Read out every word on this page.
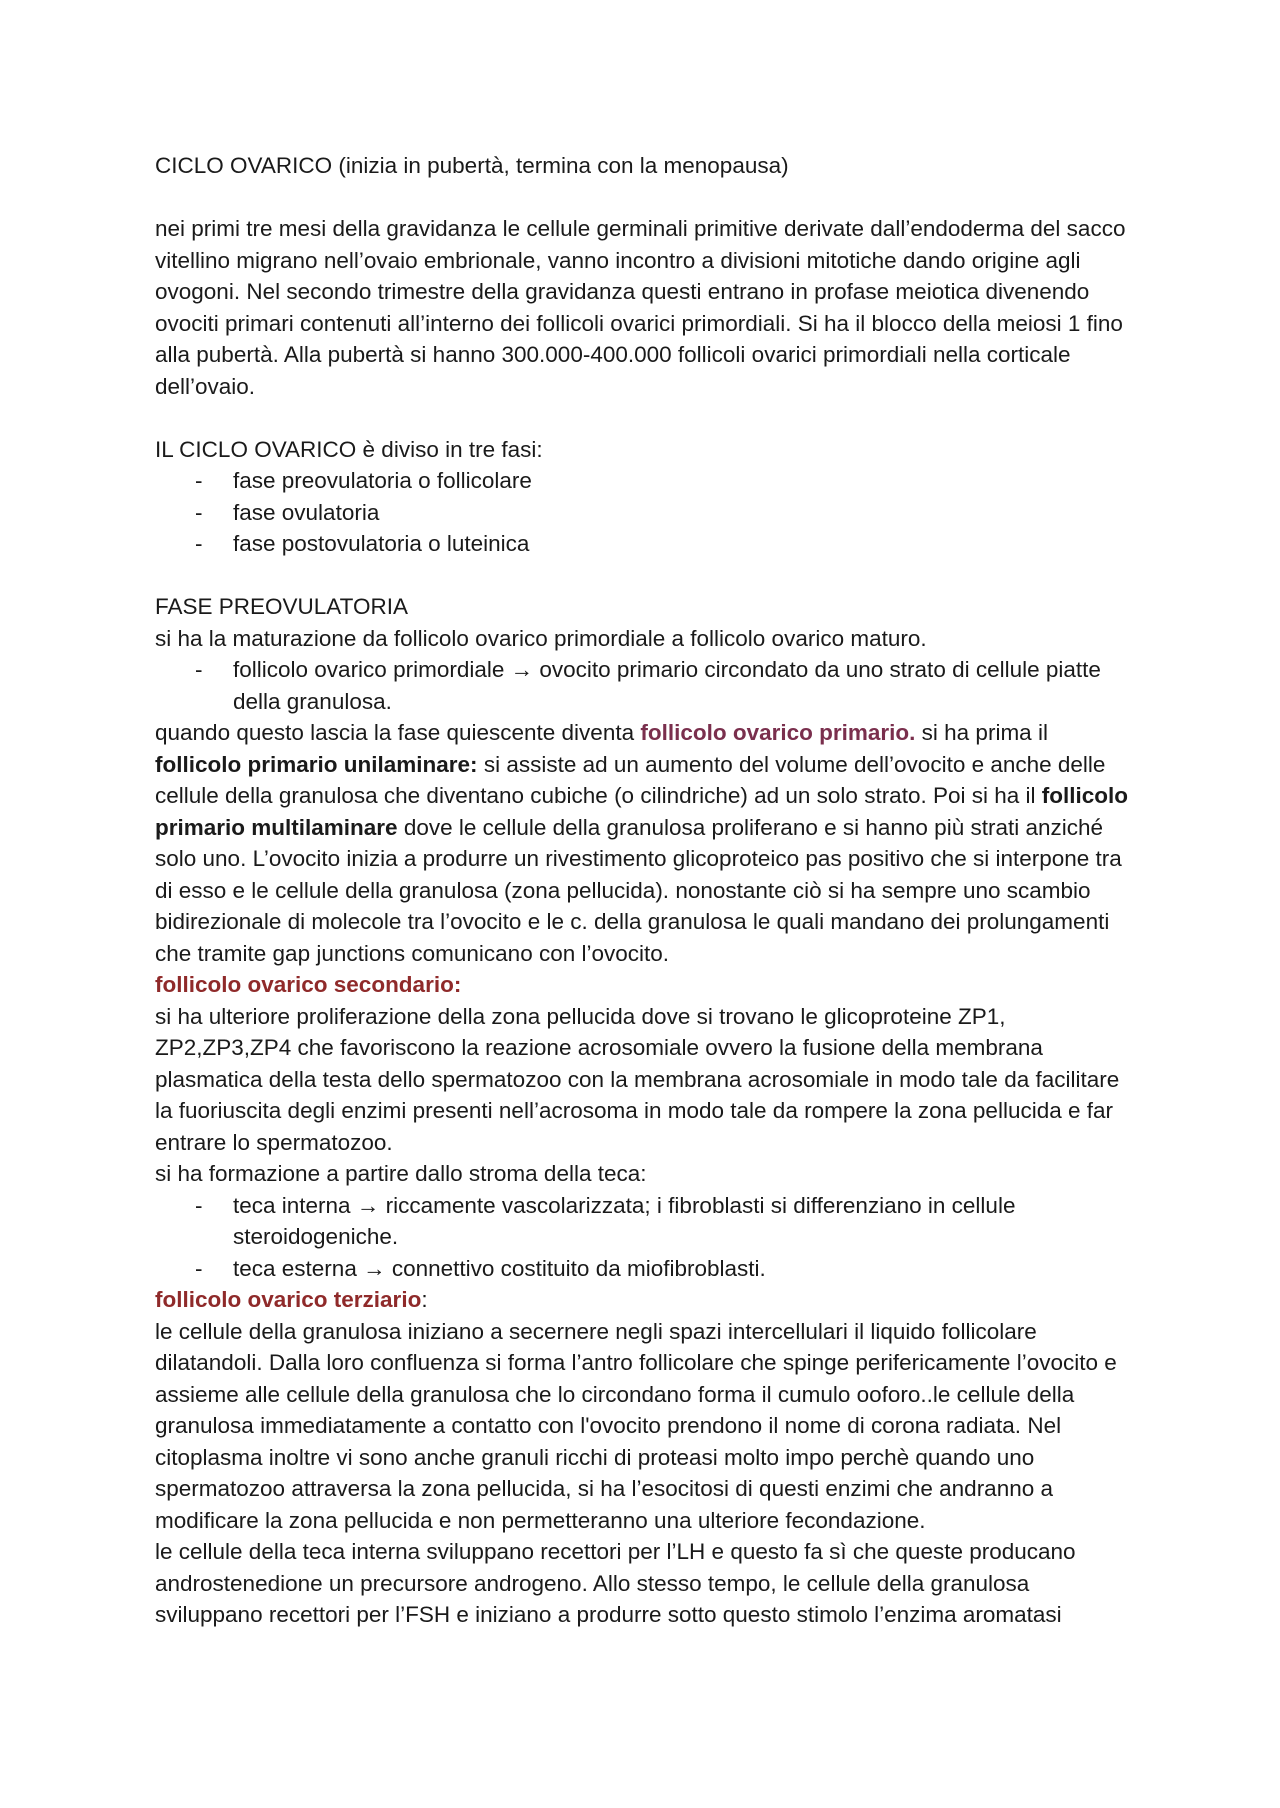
CICLO OVARICO (inizia in pubertà, termina con la menopausa)

nei primi tre mesi della gravidanza le cellule germinali primitive derivate dall’endoderma del sacco vitellino migrano nell’ovaio embrionale, vanno incontro a divisioni mitotiche dando origine agli ovogoni. Nel secondo trimestre della gravidanza questi entrano in profase meiotica divenendo ovociti primari contenuti all’interno dei follicoli ovarici primordiali. Si ha il blocco della meiosi 1 fino alla pubertà. Alla pubertà si hanno 300.000-400.000 follicoli ovarici primordiali nella corticale dell’ovaio.

IL CICLO OVARICO è diviso in tre fasi:

- fase preovulatoria o follicolare
- fase ovulatoria
- fase postovulatoria o luteinica

FASE PREOVULATORIA

si ha la maturazione da follicolo ovarico primordiale a follicolo ovarico maturo.

- follicolo ovarico primordiale → ovocito primario circondato da uno strato di cellule piatte della granulosa.

quando questo lascia la fase quiescente diventa follicolo ovarico primario. si ha prima il follicolo primario unilaminare: si assiste ad un aumento del volume dell’ovocito e anche delle cellule della granulosa che diventano cubiche (o cilindriche) ad un solo strato. Poi si ha il follicolo primario multilaminare dove le cellule della granulosa proliferano e si hanno più strati anziché solo uno. L’ovocito inizia a produrre un rivestimento glicoproteico pas positivo che si interpone tra di esso e le cellule della granulosa (zona pellucida). nonostante ciò si ha sempre uno scambio bidirezionale di molecole tra l’ovocito e le c. della granulosa le quali mandano dei prolungamenti che tramite gap junctions comunicano con l’ovocito.

follicolo ovarico secondario:

si ha ulteriore proliferazione della zona pellucida dove si trovano le glicoproteine ZP1, ZP2,ZP3,ZP4 che favoriscono la reazione acrosomiale ovvero la fusione della membrana plasmatica della testa dello spermatozoo con la membrana acrosomiale in modo tale da facilitare la fuoriuscita degli enzimi presenti nell’acrosoma in modo tale da rompere la zona pellucida e far entrare lo spermatozoo.

si ha formazione a partire dallo stroma della teca:

- teca interna → riccamente vascolarizzata; i fibroblasti si differenziano in cellule steroidogeniche.
- teca esterna → connettivo costituito da miofibroblasti.

follicolo ovarico terziario:

le cellule della granulosa iniziano a secernere negli spazi intercellulari il liquido follicolare dilatandoli. Dalla loro confluenza si forma l’antro follicolare che spinge perifericamente l’ovocito e assieme alle cellule della granulosa che lo circondano forma il cumulo ooforo..le cellule della granulosa immediatamente a contatto con l'ovocito prendono il nome di corona radiata. Nel citoplasma inoltre vi sono anche granuli ricchi di proteasi molto impo perchè quando uno spermatozoo attraversa la zona pellucida, si ha l’esocitosi di questi enzimi che andranno a modificare la zona pellucida e non permetteranno una ulteriore fecondazione.

le cellule della teca interna sviluppano recettori per l’LH e questo fa sì che queste producano androstenedione un precursore androgeno. Allo stesso tempo, le cellule della granulosa sviluppano recettori per l’FSH e iniziano a produrre sotto questo stimolo l’enzima aromatasi
